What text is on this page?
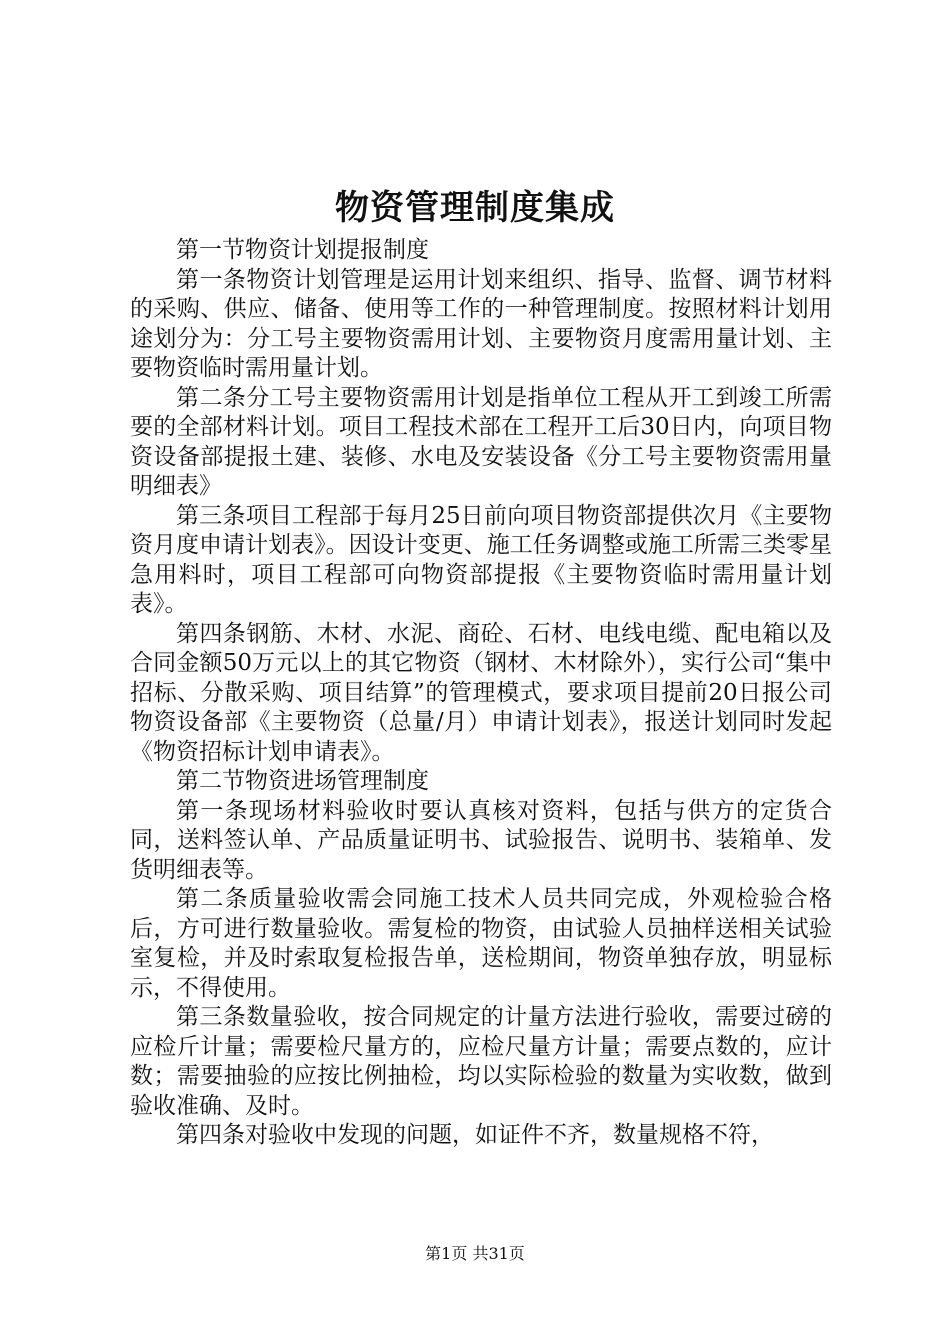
物资管理制度集成

第一节物资计划提报制度

第一条物资计划管理是运用计划来组织、指导、监督、调节材料的采购、供应、储备、使用等工作的一种管理制度。按照材料计划用途划分为：分工号主要物资需用计划、主要物资月度需用量计划、主要物资临时需用量计划。

第二条分工号主要物资需用计划是指单位工程从开工到竣工所需要的全部材料计划。项目工程技术部在工程开工后30日内，向项目物资设备部提报土建、装修、水电及安装设备《分工号主要物资需用量明细表》

第三条项目工程部于每月25日前向项目物资部提供次月《主要物资月度申请计划表》。因设计变更、施工任务调整或施工所需三类零星急用料时，项目工程部可向物资部提报《主要物资临时需用量计划表》。

第四条钢筋、木材、水泥、商砼、石材、电线电缆、配电箱以及合同金额50万元以上的其它物资（钢材、木材除外），实行公司“集中招标、分散采购、项目结算”的管理模式，要求项目提前20日报公司物资设备部《主要物资（总量/月）申请计划表》，报送计划同时发起《物资招标计划申请表》。

第二节物资进场管理制度

第一条现场材料验收时要认真核对资料，包括与供方的定货合同，送料签认单、产品质量证明书、试验报告、说明书、装箱单、发货明细表等。

第二条质量验收需会同施工技术人员共同完成，外观检验合格后，方可进行数量验收。需复检的物资，由试验人员抽样送相关试验室复检，并及时索取复检报告单，送检期间，物资单独存放，明显标示，不得使用。

第三条数量验收，按合同规定的计量方法进行验收，需要过磅的应检斤计量；需要检尺量方的，应检尺量方计量；需要点数的，应计数；需要抽验的应按比例抽检，均以实际检验的数量为实收数，做到验收准确、及时。

第四条对验收中发现的问题，如证件不齐，数量规格不符，

第1页 共31页
